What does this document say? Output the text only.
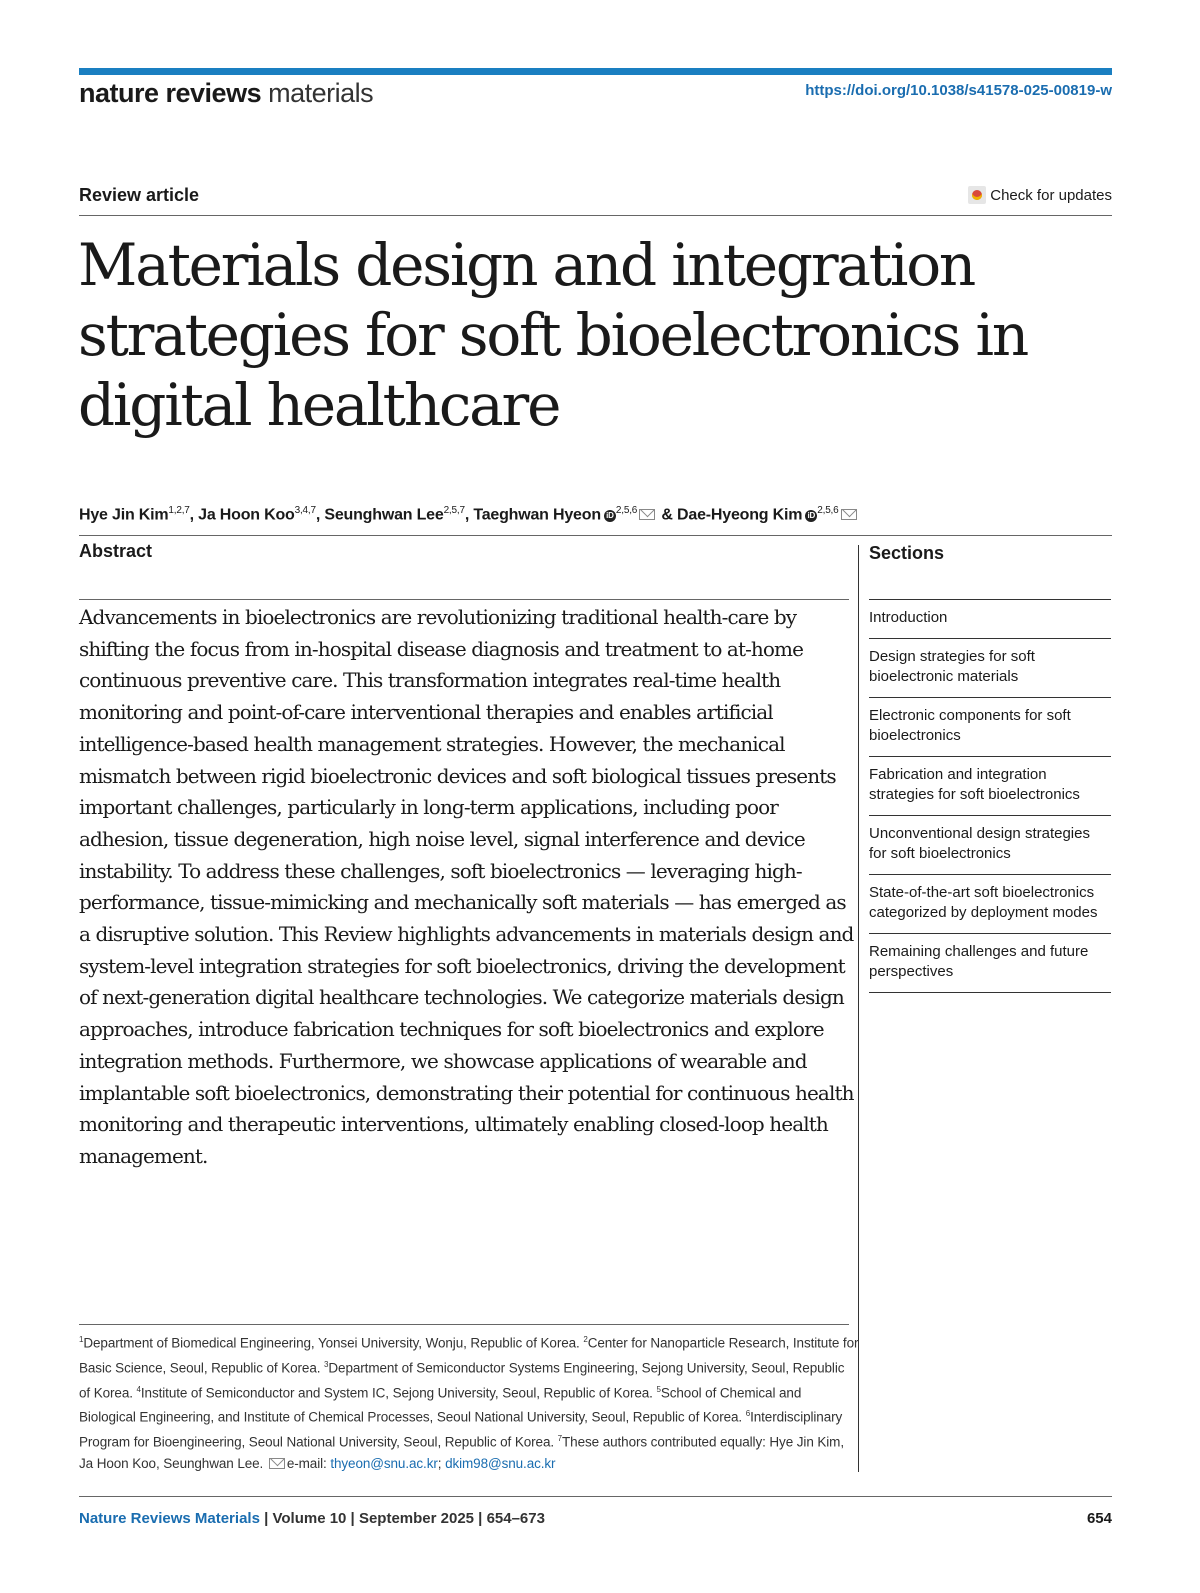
nature reviews materials	https://doi.org/10.1038/s41578-025-00819-w
Review article	Check for updates
Materials design and integration strategies for soft bioelectronics in digital healthcare
Hye Jin Kim$^{1,2,7}$, Ja Hoon Koo$^{3,4,7}$, Seunghwan Lee$^{2,5,7}$, Taeghwan Hyeon iD $^{2,5,6}$ & Dae-Hyeong Kim iD $^{2,5,6}$
Abstract

Advancements in bioelectronics are revolutionizing traditional health-care by shifting the focus from in-hospital disease diagnosis and treatment to at-home continuous preventive care. This transformation integrates real-time health monitoring and point-of-care interventional therapies and enables artificial intelligence-based health management strategies. However, the mechanical mismatch between rigid bioelectronic devices and soft biological tissues presents important challenges, particularly in long-term applications, including poor adhesion, tissue degeneration, high noise level, signal interference and device instability. To address these challenges, soft bioelectronics — leveraging high-performance, tissue-mimicking and mechanically soft materials — has emerged as a disruptive solution. This Review highlights advancements in materials design and system-level integration strategies for soft bioelectronics, driving the development of next-generation digital healthcare technologies. We categorize materials design approaches, introduce fabrication techniques for soft bioelectronics and explore integration methods. Furthermore, we showcase applications of wearable and implantable soft bioelectronics, demonstrating their potential for continuous health monitoring and therapeutic interventions, ultimately enabling closed-loop health management.

Sections
Introduction
Design strategies for soft bioelectronic materials
Electronic components for soft bioelectronics
Fabrication and integration strategies for soft bioelectronics
Unconventional design strategies for soft bioelectronics
State-of-the-art soft bioelectronics categorized by deployment modes
Remaining challenges and future perspectives

$^1$Department of Biomedical Engineering, Yonsei University, Wonju, Republic of Korea. $^2$Center for Nanoparticle Research, Institute for Basic Science, Seoul, Republic of Korea. $^3$Department of Semiconductor Systems Engineering, Sejong University, Seoul, Republic of Korea. $^4$Institute of Semiconductor and System IC, Sejong University, Seoul, Republic of Korea. $^5$School of Chemical and Biological Engineering, and Institute of Chemical Processes, Seoul National University, Seoul, Republic of Korea. $^6$Interdisciplinary Program for Bioengineering, Seoul National University, Seoul, Republic of Korea. $^7$These authors contributed equally: Hye Jin Kim, Ja Hoon Koo, Seunghwan Lee. e-mail: thyeon@snu.ac.kr; dkim98@snu.ac.kr

Nature Reviews Materials | Volume 10 | September 2025 | 654–673	654
